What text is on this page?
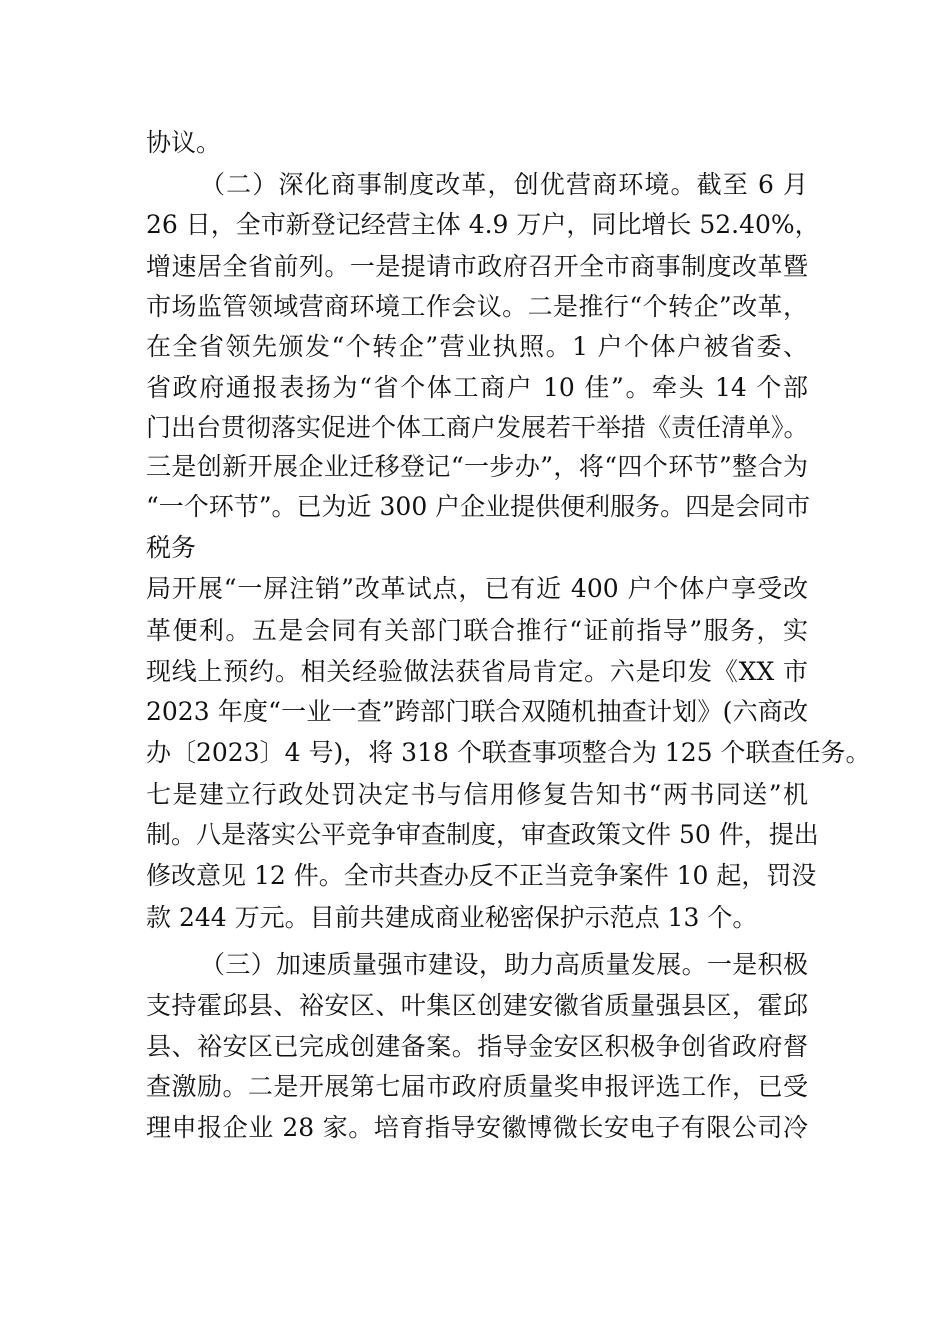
协议。
（二）深化商事制度改革，创优营商环境。截至 6 月
26 日，全市新登记经营主体 4.9 万户，同比增长 52.40%，
增速居全省前列。一是提请市政府召开全市商事制度改革暨
市场监管领域营商环境工作会议。二是推行“个转企”改革，
在全省领先颁发“个转企”营业执照。1 户个体户被省委、
省政府通报表扬为“省个体工商户 10 佳”。牵头 14 个部
门出台贯彻落实促进个体工商户发展若干举措《责任清单》。
三是创新开展企业迁移登记“一步办”，将“四个环节”整合为
“一个环节”。已为近 300 户企业提供便利服务。四是会同市
税务
局开展“一屏注销”改革试点，已有近 400 户个体户享受改
革便利。五是会同有关部门联合推行“证前指导”服务，实
现线上预约。相关经验做法获省局肯定。六是印发《XX 市
2023 年度“一业一查”跨部门联合双随机抽查计划》(六商改
办〔2023〕4 号)，将 318 个联查事项整合为 125 个联查任务。
七是建立行政处罚决定书与信用修复告知书“两书同送”机
制。八是落实公平竞争审查制度，审查政策文件 50 件，提出
修改意见 12 件。全市共查办反不正当竞争案件 10 起，罚没
款 244 万元。目前共建成商业秘密保护示范点 13 个。
（三）加速质量强市建设，助力高质量发展。一是积极
支持霍邱县、裕安区、叶集区创建安徽省质量强县区，霍邱
县、裕安区已完成创建备案。指导金安区积极争创省政府督
查激励。二是开展第七届市政府质量奖申报评选工作，已受
理申报企业 28 家。培育指导安徽博微长安电子有限公司冷
